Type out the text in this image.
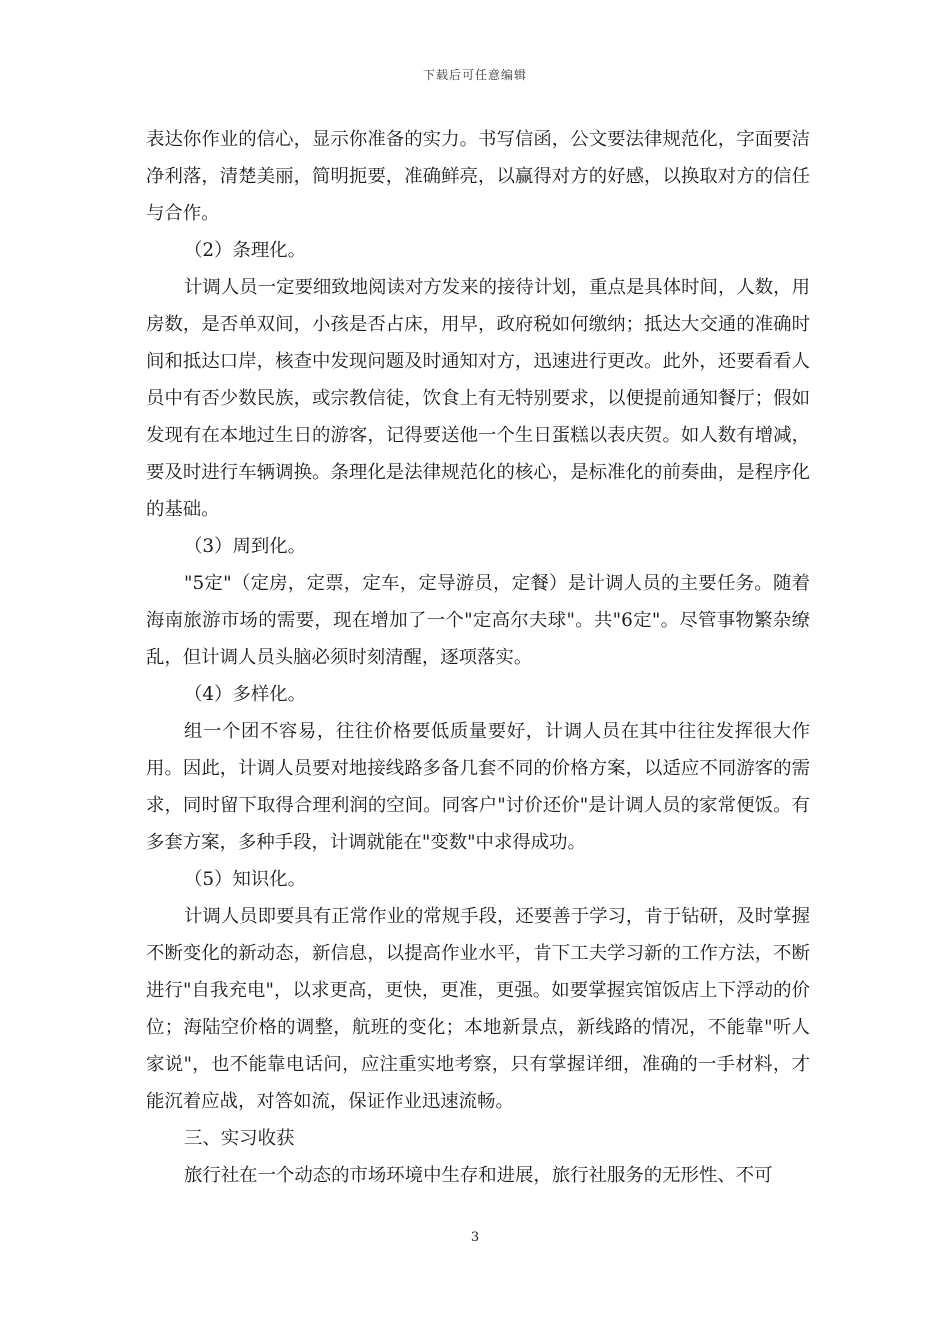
下载后可任意编辑

表达你作业的信心，显示你准备的实力。书写信函，公文要法律规范化，字面要洁净利落，清楚美丽，简明扼要，准确鲜亮，以赢得对方的好感，以换取对方的信任与合作。

（2）条理化。

计调人员一定要细致地阅读对方发来的接待计划，重点是具体时间，人数，用房数，是否单双间，小孩是否占床，用早，政府税如何缴纳；抵达大交通的准确时间和抵达口岸，核查中发现问题及时通知对方，迅速进行更改。此外，还要看看人员中有否少数民族，或宗教信徒，饮食上有无特别要求，以便提前通知餐厅；假如发现有在本地过生日的游客，记得要送他一个生日蛋糕以表庆贺。如人数有增减，要及时进行车辆调换。条理化是法律规范化的核心，是标准化的前奏曲，是程序化的基础。

（3）周到化。

"5定"（定房，定票，定车，定导游员，定餐）是计调人员的主要任务。随着海南旅游市场的需要，现在增加了一个"定高尔夫球"。共"6定"。尽管事物繁杂缭乱，但计调人员头脑必须时刻清醒，逐项落实。

（4）多样化。

组一个团不容易，往往价格要低质量要好，计调人员在其中往往发挥很大作用。因此，计调人员要对地接线路多备几套不同的价格方案，以适应不同游客的需求，同时留下取得合理利润的空间。同客户"讨价还价"是计调人员的家常便饭。有多套方案，多种手段，计调就能在"变数"中求得成功。

（5）知识化。

计调人员即要具有正常作业的常规手段，还要善于学习，肯于钻研，及时掌握不断变化的新动态，新信息，以提高作业水平，肯下工夫学习新的工作方法，不断进行"自我充电"，以求更高，更快，更准，更强。如要掌握宾馆饭店上下浮动的价位；海陆空价格的调整，航班的变化；本地新景点，新线路的情况，不能靠"听人家说"，也不能靠电话问，应注重实地考察，只有掌握详细，准确的一手材料，才能沉着应战，对答如流，保证作业迅速流畅。

三、实习收获

旅行社在一个动态的市场环境中生存和进展，旅行社服务的无形性、不可

3
